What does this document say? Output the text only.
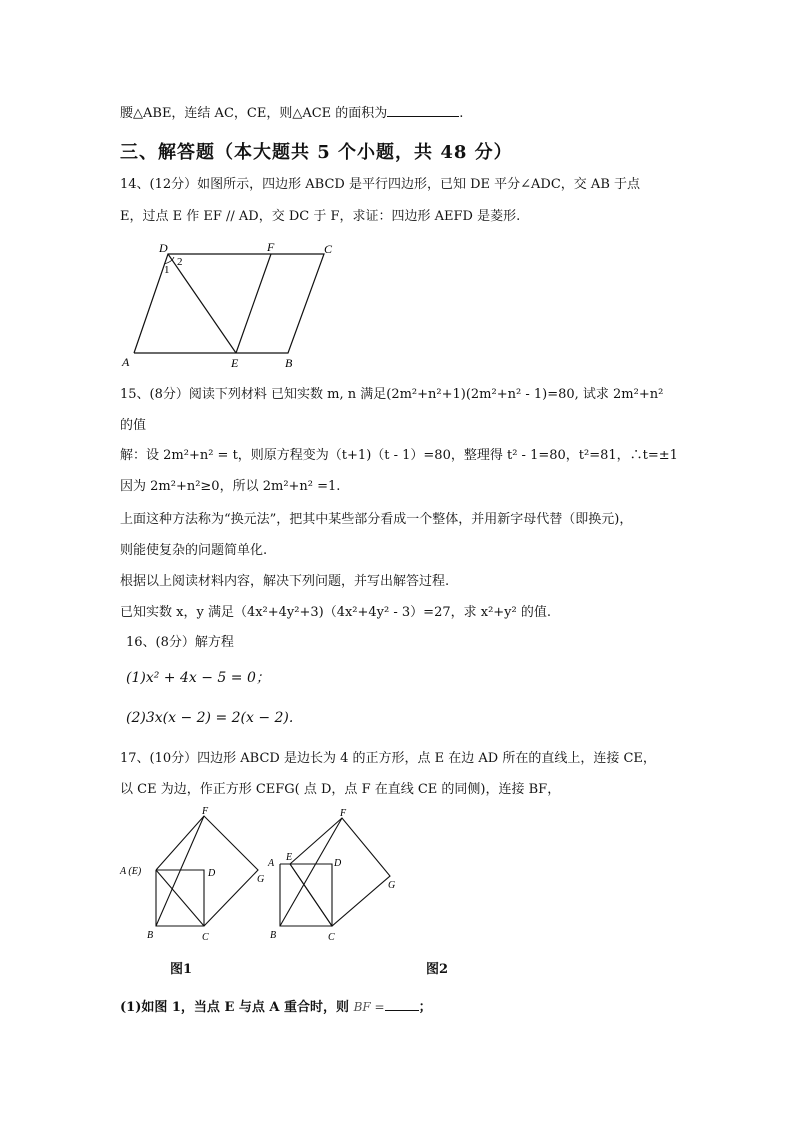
腰△ABE，连结 AC，CE，则△ACE 的面积为	.
三、解答题（本大题共 5 个小题，共 48 分）
14、(12分）如图所示，四边形 ABCD 是平行四边形，已知 DE 平分∠ADC，交 AB 于点
E，过点 E 作 EF // AD，交 DC 于 F，求证：四边形 AEFD 是菱形.
D	F	C
A	E	B
1
2
15、(8分）阅读下列材料 已知实数 m, n 满足(2m²+n²+1)(2m²+n² - 1)=80, 试求 2m²+n²
的值
解：设 2m²+n² = t，则原方程变为（t+1)（t - 1）=80，整理得 t² - 1=80，t²=81，∴t=±1
因为 2m²+n²≥0，所以 2m²+n² =1.
上面这种方法称为“换元法”，把其中某些部分看成一个整体，并用新字母代替（即换元)，
则能使复杂的问题简单化.
根据以上阅读材料内容，解决下列问题，并写出解答过程.
已知实数 x，y 满足（4x²+4y²+3)（4x²+4y² - 3）=27，求 x²+y² 的值.
16、(8分）解方程
(1)x² + 4x − 5 = 0；
(2)3x(x − 2) = 2(x − 2).
17、(10分）四边形 ABCD 是边长为 4 的正方形，点 E 在边 AD 所在的直线上，连接 CE，
以 CE 为边，作正方形 CEFG( 点 D，点 F 在直线 CE 的同侧)，连接 BF，
F
A (E)	D
G
B	C
图1
F
A
E
D
G
B	C
图2
(1)如图 1，当点 E 与点 A 重合时，则 BF =	；
